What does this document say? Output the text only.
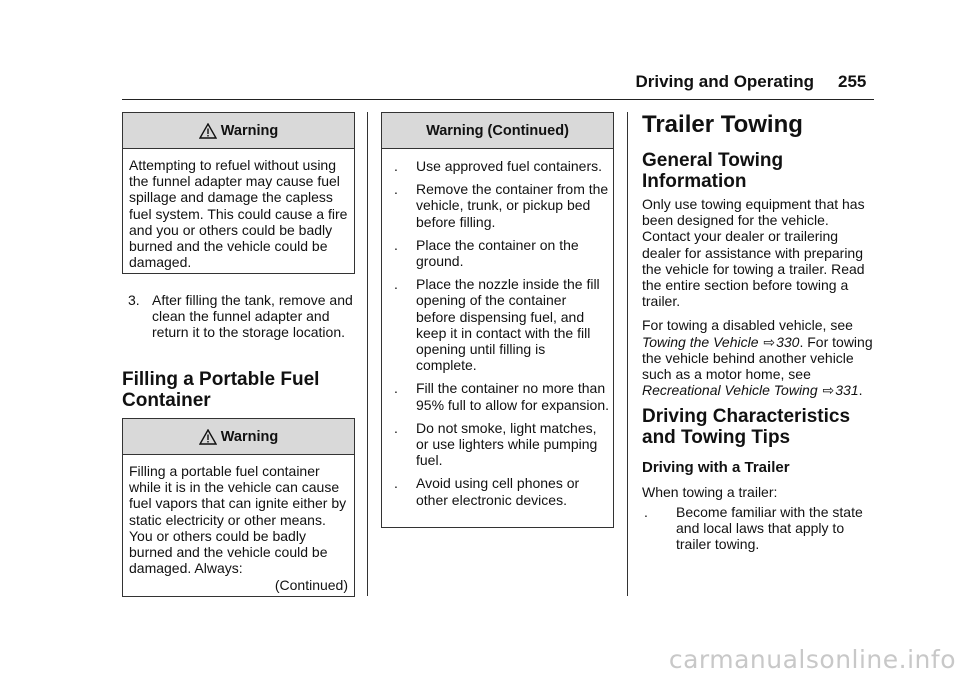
Driving and Operating 255
Warning
Attempting to refuel without using the funnel adapter may cause fuel spillage and damage the capless fuel system. This could cause a fire and you or others could be badly burned and the vehicle could be damaged.
3. After filling the tank, remove and clean the funnel adapter and return it to the storage location.
Filling a Portable Fuel Container
Warning
Filling a portable fuel container while it is in the vehicle can cause fuel vapors that can ignite either by static electricity or other means. You or others could be badly burned and the vehicle could be damaged. Always:
(Continued)
Warning (Continued)
. Use approved fuel containers.
. Remove the container from the vehicle, trunk, or pickup bed before filling.
. Place the container on the ground.
. Place the nozzle inside the fill opening of the container before dispensing fuel, and keep it in contact with the fill opening until filling is complete.
. Fill the container no more than 95% full to allow for expansion.
. Do not smoke, light matches, or use lighters while pumping fuel.
. Avoid using cell phones or other electronic devices.
Trailer Towing
General Towing Information

Only use towing equipment that has been designed for the vehicle. Contact your dealer or trailering dealer for assistance with preparing the vehicle for towing a trailer. Read the entire section before towing a trailer.

For towing a disabled vehicle, see Towing the Vehicle ⇨330. For towing the vehicle behind another vehicle such as a motor home, see Recreational Vehicle Towing ⇨331.

Driving Characteristics and Towing Tips
Driving with a Trailer
When towing a trailer:
. Become familiar with the state and local laws that apply to trailer towing.
carmanualsonline.info
